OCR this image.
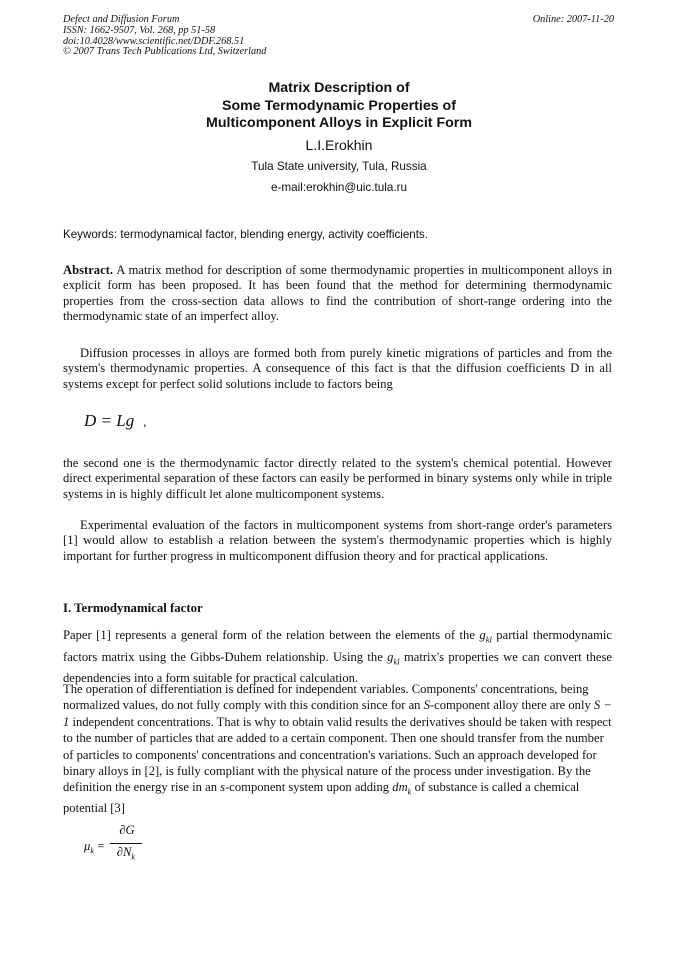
Defect and Diffusion Forum
ISSN: 1662-9507, Vol. 268, pp 51-58
doi:10.4028/www.scientific.net/DDF.268.51
© 2007 Trans Tech Publications Ltd, Switzerland
Online: 2007-11-20
Matrix Description of
Some Termodynamic Properties of
Multicomponent Alloys in Explicit Form
L.I.Erokhin
Tula State university, Tula, Russia
e-mail:erokhin@uic.tula.ru
Keywords: termodynamical factor, blending energy, activity coefficients.
Abstract. A matrix method for description of some thermodynamic properties in multicomponent alloys in explicit form has been proposed. It has been found that the method for determining thermodynamic properties from the cross-section data allows to find the contribution of short-range ordering into the thermodynamic state of an imperfect alloy.
Diffusion processes in alloys are formed both from purely kinetic migrations of particles and from the system's thermodynamic properties. A consequence of this fact is that the diffusion coefficients D in all systems except for perfect solid solutions include to factors being
D = Lg ,
the second one is the thermodynamic factor directly related to the system's chemical potential. However direct experimental separation of these factors can easily be performed in binary systems only while in triple systems in is highly difficult let alone multicomponent systems.
Experimental evaluation of the factors in multicomponent systems from short-range order's parameters [1] would allow to establish a relation between the system's thermodynamic properties which is highly important for further progress in multicomponent diffusion theory and for practical applications.
I. Termodynamical factor
Paper [1] represents a general form of the relation between the elements of the $g_{kl}$ partial thermodynamic factors matrix using the Gibbs-Duhem relationship. Using the $g_{kl}$ matrix's properties we can convert these dependencies into a form suitable for practical calculation.
The operation of differentiation is defined for independent variables. Components' concentrations, being normalized values, do not fully comply with this condition since for an S-component alloy there are only S − 1 independent concentrations. That is why to obtain valid results the derivatives should be taken with respect to the number of particles that are added to a certain component. Then one should transfer from the number of particles to components' concentrations and concentration's variations. Such an approach developed for binary alloys in [2], is fully compliant with the physical nature of the process under investigation. By the definition the energy rise in an s-component system upon adding $dm_k$ of substance is called a chemical potential [3]
$\mu_k$ =
∂G
$\partial N_k$
